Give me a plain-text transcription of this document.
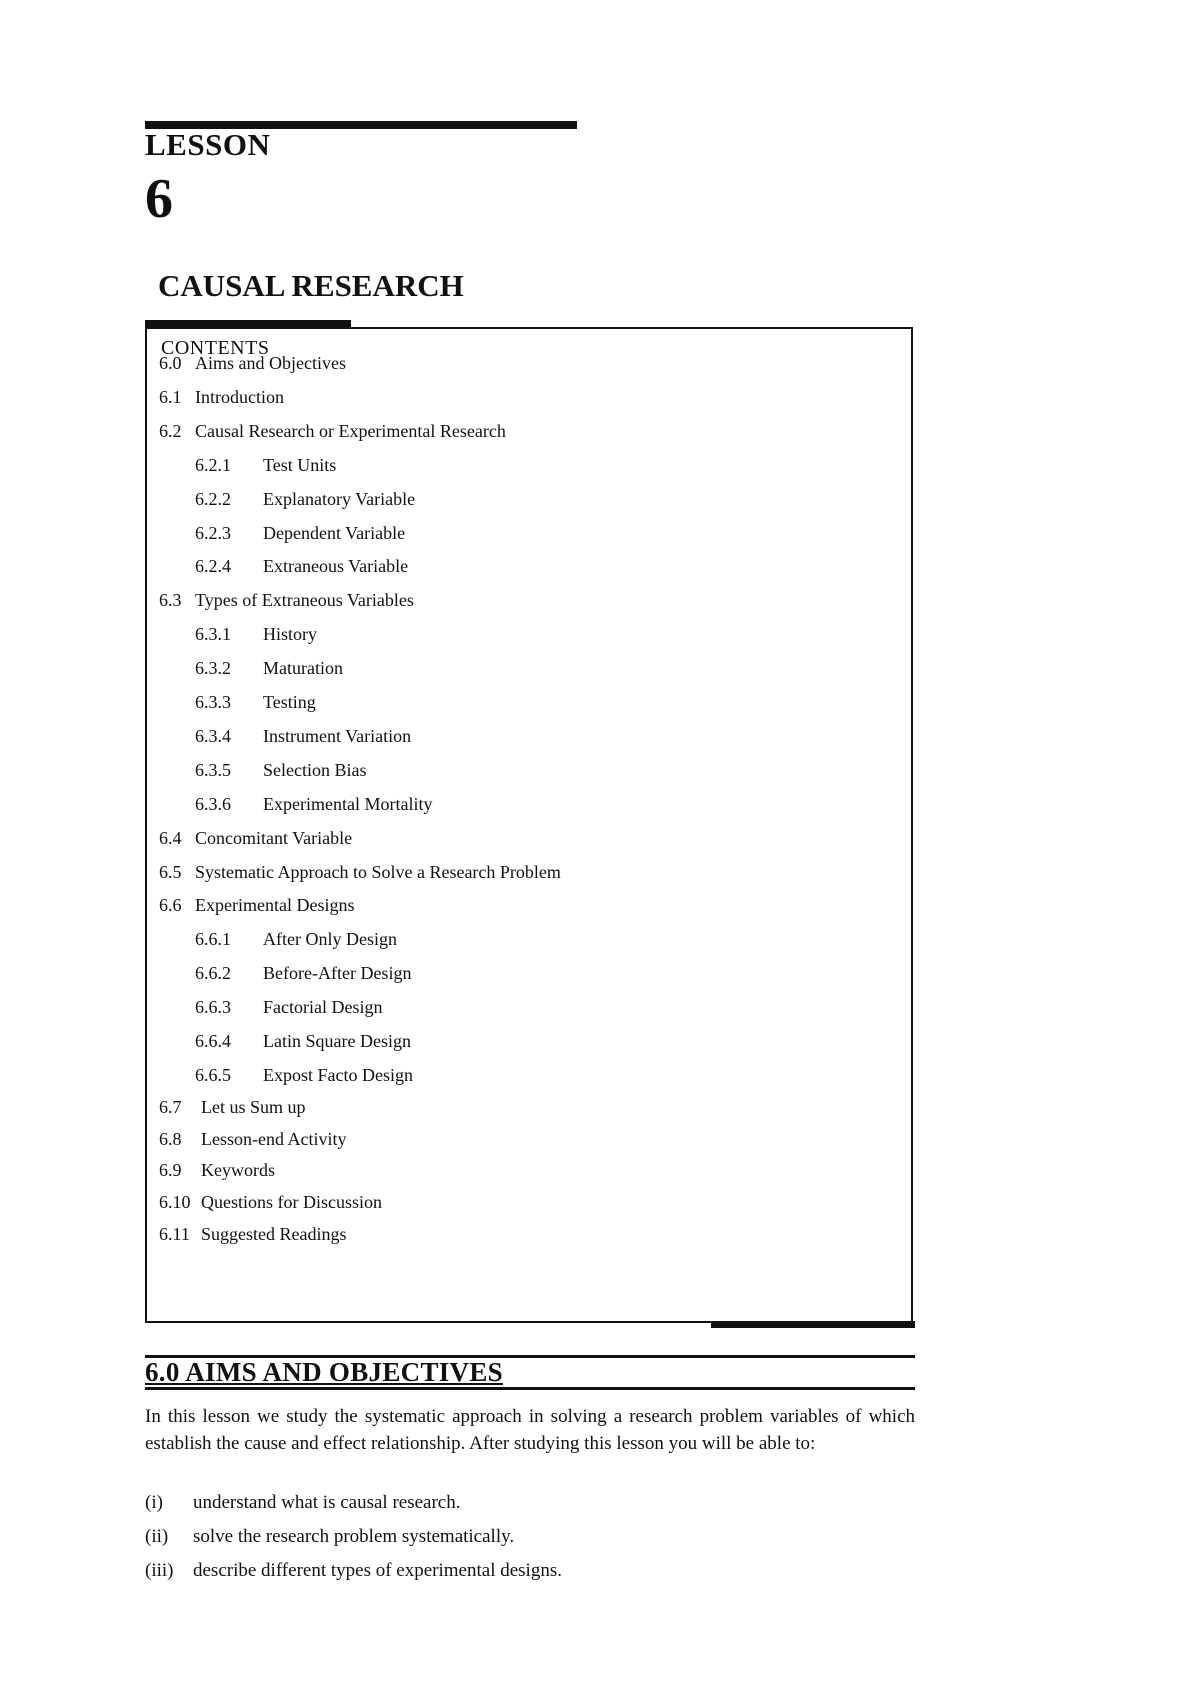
LESSON
6
CAUSAL RESEARCH
CONTENTS
6.0 Aims and Objectives
6.1 Introduction
6.2 Causal Research or Experimental Research
6.2.1 Test Units
6.2.2 Explanatory Variable
6.2.3 Dependent Variable
6.2.4 Extraneous Variable
6.3 Types of Extraneous Variables
6.3.1 History
6.3.2 Maturation
6.3.3 Testing
6.3.4 Instrument Variation
6.3.5 Selection Bias
6.3.6 Experimental Mortality
6.4 Concomitant Variable
6.5 Systematic Approach to Solve a Research Problem
6.6 Experimental Designs
6.6.1 After Only Design
6.6.2 Before-After Design
6.6.3 Factorial Design
6.6.4 Latin Square Design
6.6.5 Expost Facto Design
6.7 Let us Sum up
6.8 Lesson-end Activity
6.9 Keywords
6.10 Questions for Discussion
6.11 Suggested Readings
6.0 AIMS AND OBJECTIVES

In this lesson we study the systematic approach in solving a research problem variables of which establish the cause and effect relationship. After studying this lesson you will be able to:

(i) understand what is causal research.
(ii) solve the research problem systematically.
(iii) describe different types of experimental designs.
